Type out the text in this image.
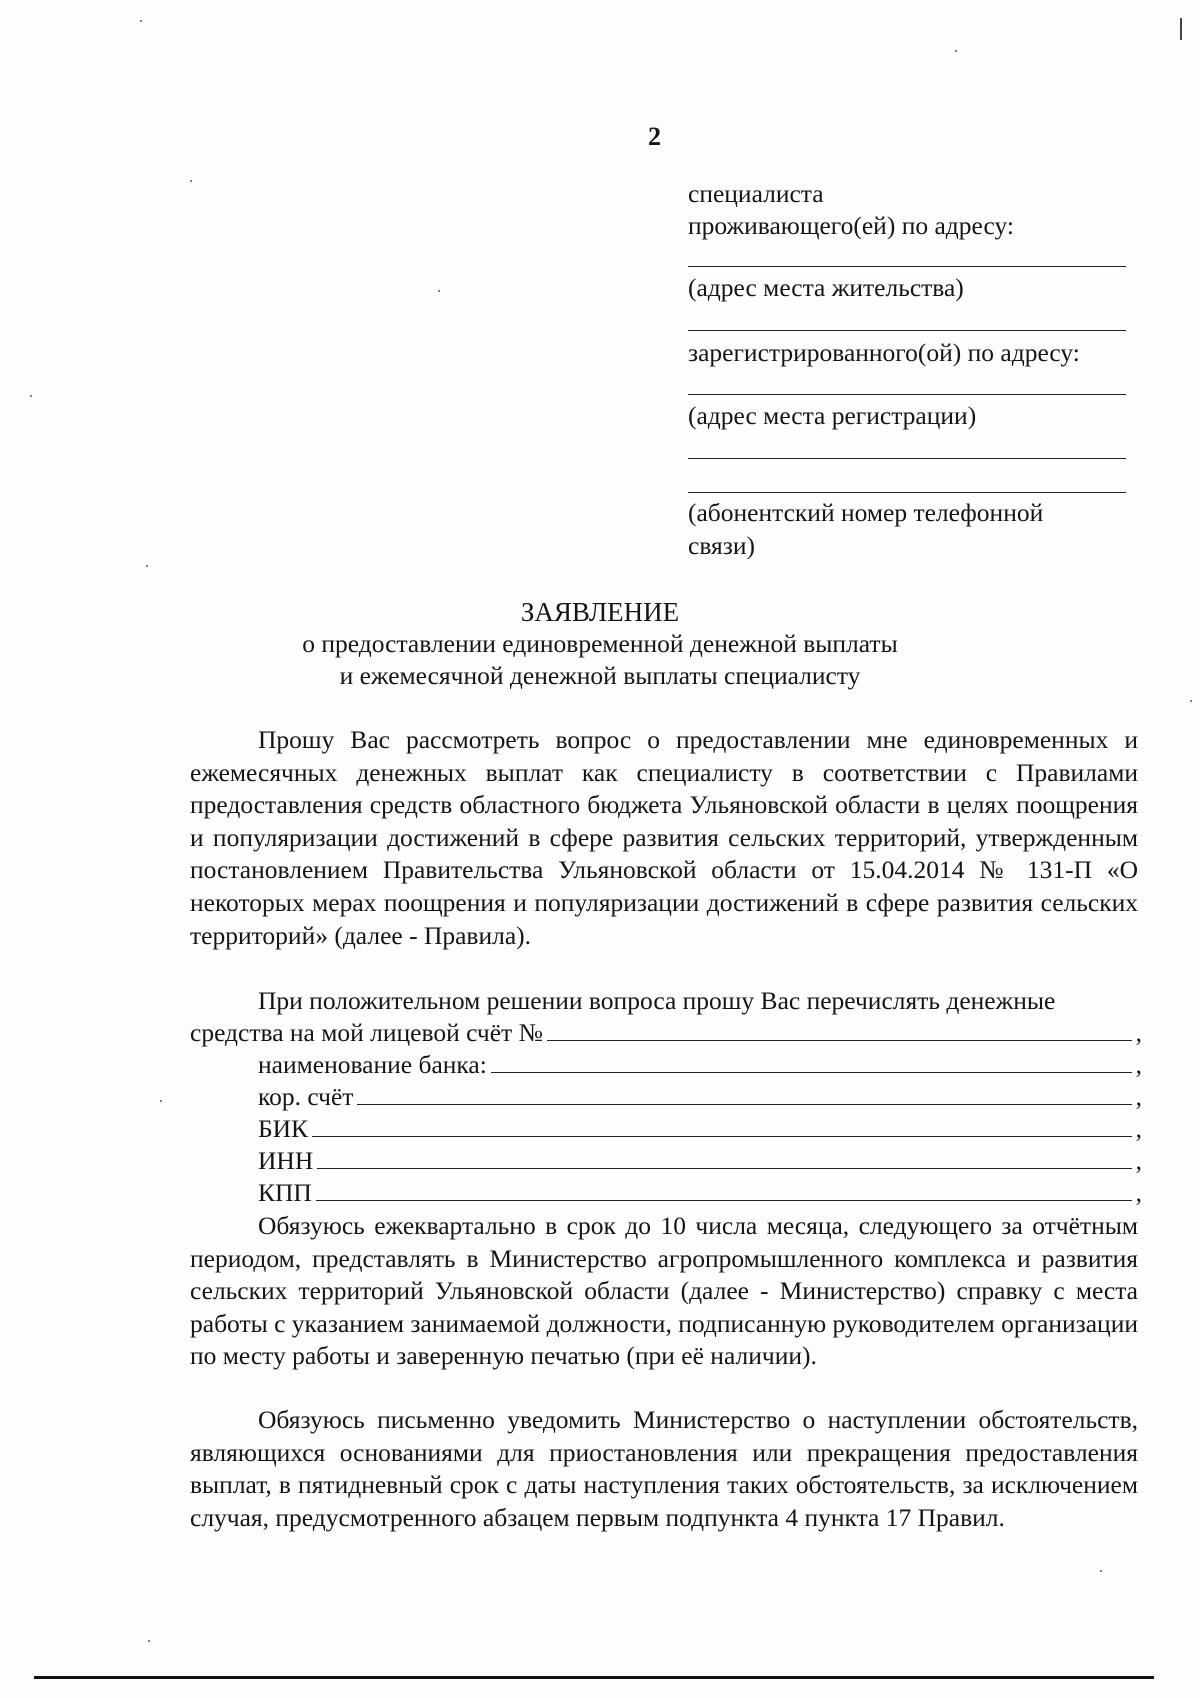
2
специалиста
проживающего(ей) по адресу:
(адрес места жительства)
зарегистрированного(ой) по адресу:
(адрес места регистрации)
(абонентский номер телефонной связи)
ЗАЯВЛЕНИЕ
о предоставлении единовременной денежной выплаты
и ежемесячной денежной выплаты специалисту
Прошу Вас рассмотреть вопрос о предоставлении мне единовременных и ежемесячных денежных выплат как специалисту в соответствии с Правилами предоставления средств областного бюджета Ульяновской области в целях поощрения и популяризации достижений в сфере развития сельских территорий, утвержденным постановлением Правительства Ульяновской области от 15.04.2014 № 131-П «О некоторых мерах поощрения и популяризации достижений в сфере развития сельских территорий» (далее - Правила).
При положительном решении вопроса прошу Вас перечислять денежные
средства на мой лицевой счёт №	,
наименование банка:	,
кор. счёт	,
БИК	,
ИНН	,
КПП	,
Обязуюсь ежеквартально в срок до 10 числа месяца, следующего за отчётным периодом, представлять в Министерство агропромышленного комплекса и развития сельских территорий Ульяновской области (далее - Министерство) справку с места работы с указанием занимаемой должности, подписанную руководителем организации по месту работы и заверенную печатью (при её наличии).
Обязуюсь письменно уведомить Министерство о наступлении обстоятельств, являющихся основаниями для приостановления или прекращения предоставления выплат, в пятидневный срок с даты наступления таких обстоятельств, за исключением случая, предусмотренного абзацем первым подпункта 4 пункта 17 Правил.
